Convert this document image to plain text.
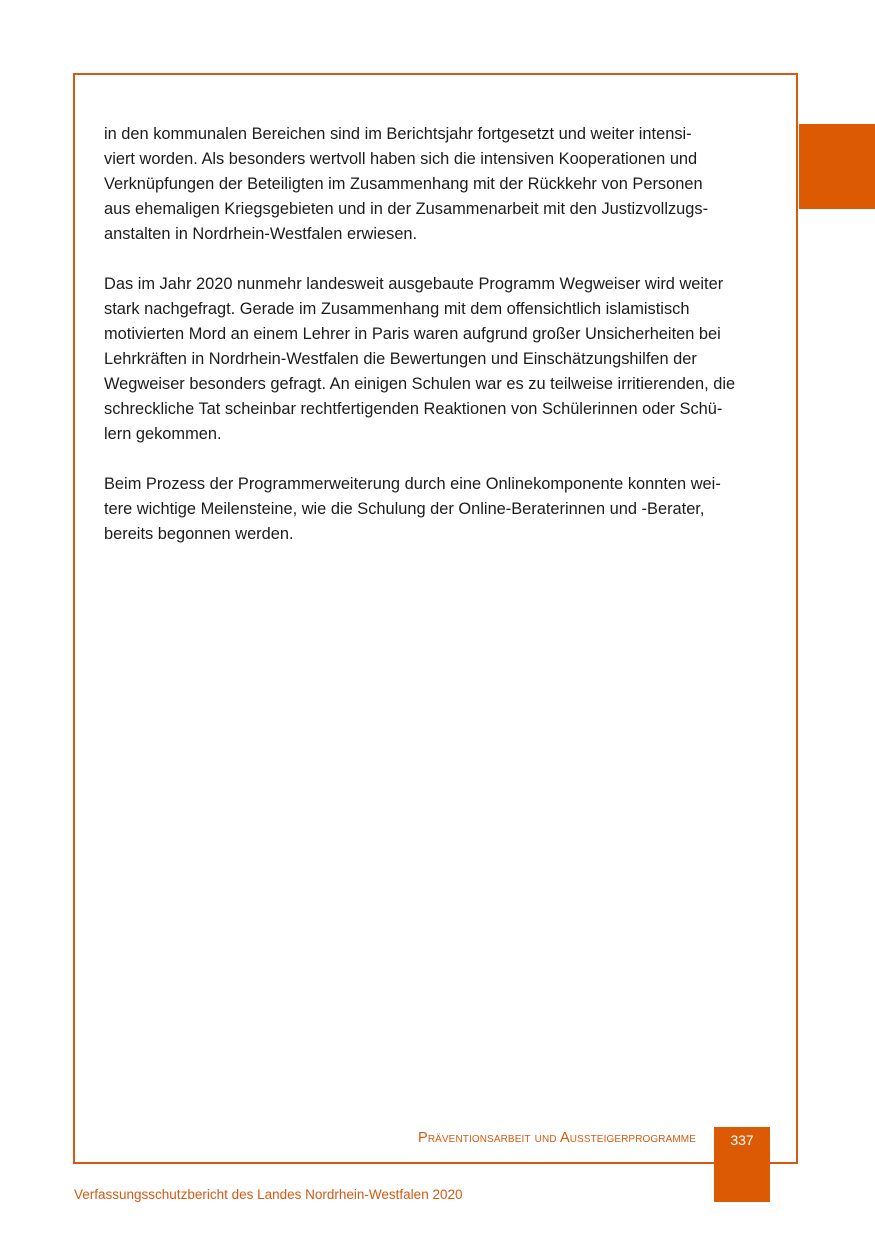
in den kommunalen Bereichen sind im Berichtsjahr fortgesetzt und weiter intensi-
viert worden. Als besonders wertvoll haben sich die intensiven Kooperationen und
Verknüpfungen der Beteiligten im Zusammenhang mit der Rückkehr von Personen
aus ehemaligen Kriegsgebieten und in der Zusammenarbeit mit den Justizvollzugs-
anstalten in Nordrhein-Westfalen erwiesen.

Das im Jahr 2020 nunmehr landesweit ausgebaute Programm Wegweiser wird weiter
stark nachgefragt. Gerade im Zusammenhang mit dem offensichtlich islamistisch
motivierten Mord an einem Lehrer in Paris waren aufgrund großer Unsicherheiten bei
Lehrkräften in Nordrhein-Westfalen die Bewertungen und Einschätzungshilfen der
Wegweiser besonders gefragt. An einigen Schulen war es zu teilweise irritierenden, die
schreckliche Tat scheinbar rechtfertigenden Reaktionen von Schülerinnen oder Schü-
lern gekommen.

Beim Prozess der Programmerweiterung durch eine Onlinekomponente konnten wei-
tere wichtige Meilensteine, wie die Schulung der Online-Beraterinnen und -Berater,
bereits begonnen werden.

Präventionsarbeit und Aussteigerprogramme	337
Verfassungsschutzbericht des Landes Nordrhein-Westfalen 2020
